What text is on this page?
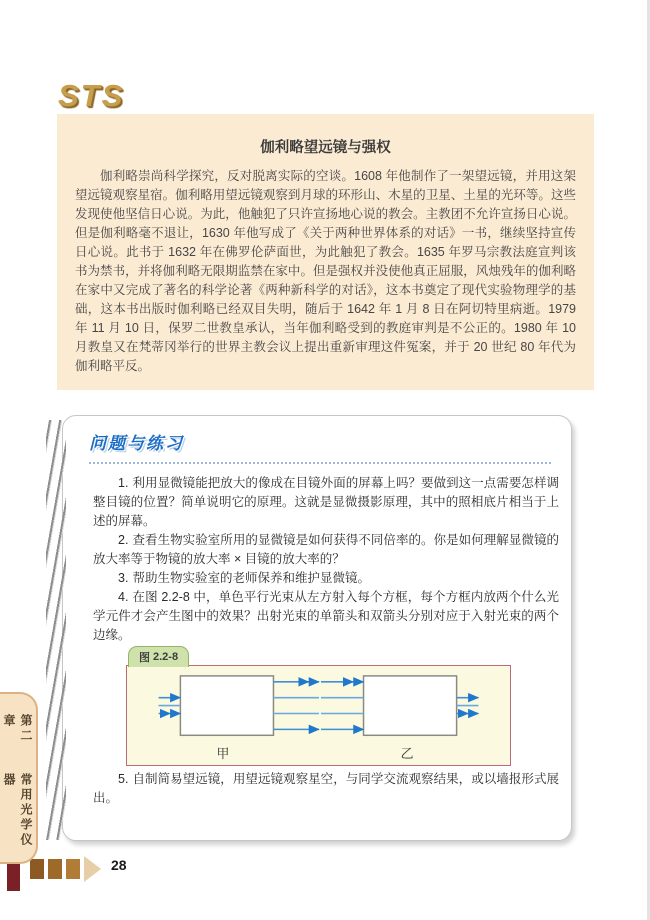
STS
伽利略望远镜与强权

伽利略崇尚科学探究，反对脱离实际的空谈。1608 年他制作了一架望远镜，并用这架望远镜观察星宿。伽利略用望远镜观察到月球的环形山、木星的卫星、土星的光环等。这些发现使他坚信日心说。为此，他触犯了只许宣扬地心说的教会。主教团不允许宣扬日心说。但是伽利略毫不退让，1630 年他写成了《关于两种世界体系的对话》一书，继续坚持宣传日心说。此书于 1632 年在佛罗伦萨面世，为此触犯了教会。1635 年罗马宗教法庭宣判该书为禁书，并将伽利略无限期监禁在家中。但是强权并没使他真正屈服，风烛残年的伽利略在家中又完成了著名的科学论著《两种新科学的对话》，这本书奠定了现代实验物理学的基础，这本书出版时伽利略已经双目失明，随后于 1642 年 1 月 8 日在阿切特里病逝。1979 年 11 月 10 日，保罗二世教皇承认，当年伽利略受到的教庭审判是不公正的。1980 年 10 月教皇又在梵蒂冈举行的世界主教会议上提出重新审理这件冤案，并于 20 世纪 80 年代为伽利略平反。

问题与练习

1. 利用显微镜能把放大的像成在目镜外面的屏幕上吗？要做到这一点需要怎样调整目镜的位置？简单说明它的原理。这就是显微摄影原理，其中的照相底片相当于上述的屏幕。

2. 查看生物实验室所用的显微镜是如何获得不同倍率的。你是如何理解显微镜的放大率等于物镜的放大率 × 目镜的放大率的？

3. 帮助生物实验室的老师保养和维护显微镜。

4. 在图 2.2-8 中，单色平行光束从左方射入每个方框，每个方框内放两个什么光学元件才会产生图中的效果？出射光束的单箭头和双箭头分别对应于入射光束的两个边缘。

图 2.2-8
甲	乙

5. 自制简易望远镜，用望远镜观察星空，与同学交流观察结果，或以墙报形式展出。

第二章
常用光学仪器
28
